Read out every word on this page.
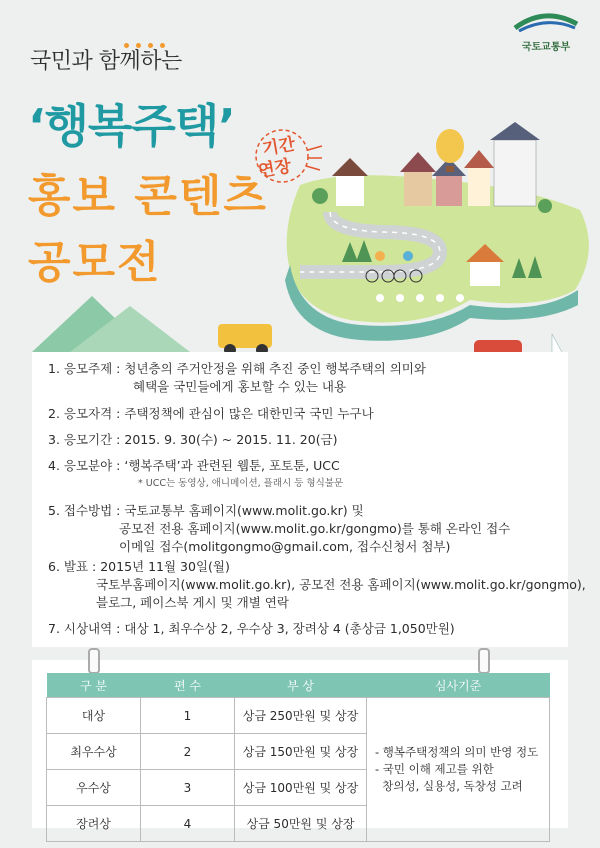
국토교통부
국민과 함께하는
‘행복주택’
홍보 콘텐츠
공모전
기간
연장
1. 응모주제 : 청년층의 주거안정을 위해 추진 중인 행복주택의 의미와
혜택을 국민들에게 홍보할 수 있는 내용
2. 응모자격 : 주택정책에 관심이 많은 대한민국 국민 누구나
3. 응모기간 : 2015. 9. 30(수) ~ 2015. 11. 20(금)
4. 응모분야 : ‘행복주택’과 관련된 웹툰, 포토툰, UCC
* UCC는 동영상, 애니메이션, 플래시 등 형식불문
5. 접수방법 : 국토교통부 홈페이지(www.molit.go.kr) 및
공모전 전용 홈페이지(www.molit.go.kr/gongmo)를 통해 온라인 접수
이메일 접수(molitgongmo@gmail.com, 접수신청서 첨부)
6. 발표 : 2015년 11월 30일(월)
국토부홈페이지(www.molit.go.kr), 공모전 전용 홈페이지(www.molit.go.kr/gongmo),
블로그, 페이스북 게시 및 개별 연락
7. 시상내역 : 대상 1, 최우수상 2, 우수상 3, 장려상 4 (총상금 1,050만원)
구 분	편 수	부 상	심사기준
대상	1	상금 250만원 및 상장	- 행복주택정책의 의미 반영 정도
- 국민 이해 제고를 위한
창의성, 실용성, 독창성 고려

최우수상	2	상금 150만원 및 상장	
우수상	3	상금 100만원 및 상장	
장려상	4	상금 50만원 및 상장	
